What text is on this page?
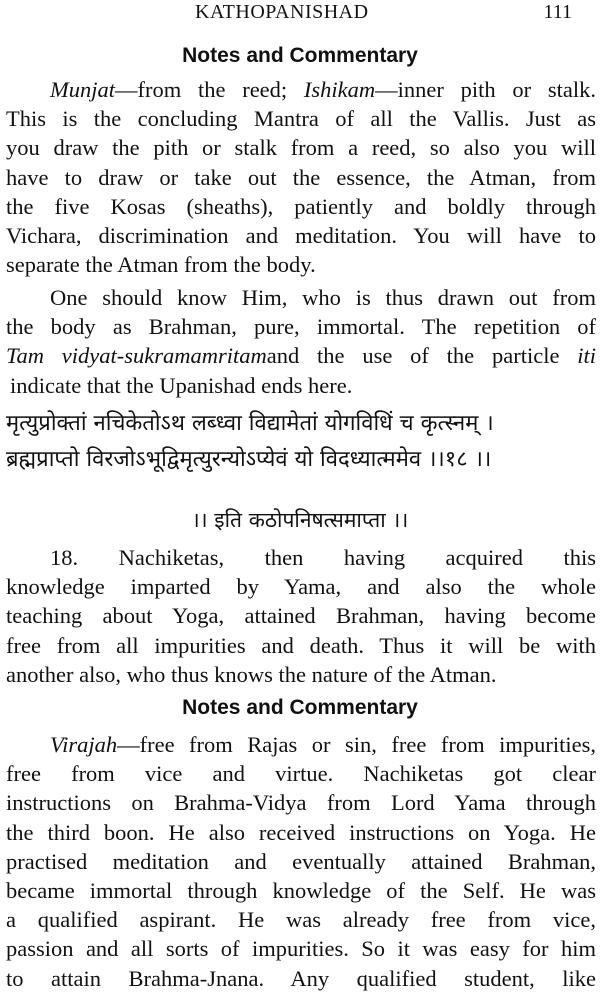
KATHOPANISHAD	111
Notes and Commentary
Munjat—from the reed; Ishikam—inner pith or stalk.
This is the concluding Mantra of all the Vallis. Just as
you draw the pith or stalk from a reed, so also you will
have to draw or take out the essence, the Atman, from
the five Kosas (sheaths), patiently and boldly through
Vichara, discrimination and meditation. You will have to
separate the Atman from the body.
One should know Him, who is thus drawn out from
the body as Brahman, pure, immortal. The repetition of
Tam vidyat-sukramamritamand the use of the particle iti
indicate that the Upanishad ends here.
मृत्युप्रोक्तां नचिकेतोऽथ लब्ध्वा विद्यामेतां योगविधिं च कृत्स्नम् ।
ब्रह्मप्राप्तो विरजोऽभूद्विमृत्युरन्योऽप्येवं यो विदध्यात्ममेव ।।१८ ।।
।। इति कठोपनिषत्समाप्ता ।।
18. Nachiketas, then having acquired this
knowledge imparted by Yama, and also the whole
teaching about Yoga, attained Brahman, having become
free from all impurities and death. Thus it will be with
another also, who thus knows the nature of the Atman.
Notes and Commentary
Virajah—free from Rajas or sin, free from impurities,
free from vice and virtue. Nachiketas got clear
instructions on Brahma-Vidya from Lord Yama through
the third boon. He also received instructions on Yoga. He
practised meditation and eventually attained Brahman,
became immortal through knowledge of the Self. He was
a qualified aspirant. He was already free from vice,
passion and all sorts of impurities. So it was easy for him
to attain Brahma-Jnana. Any qualified student, like
